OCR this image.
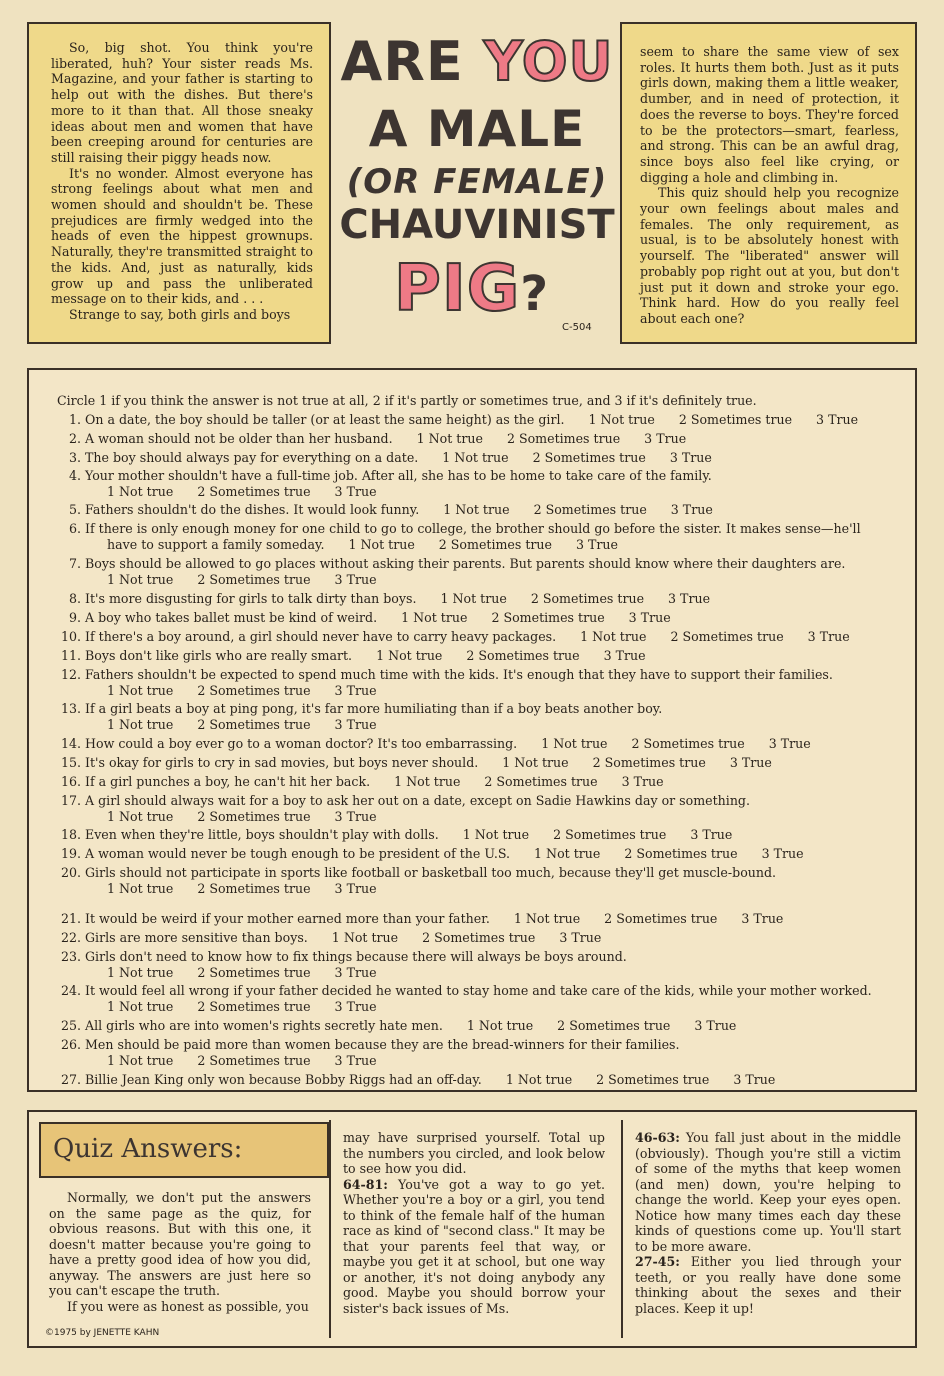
So, big shot. You think you're liberated, huh? Your sister reads Ms. Magazine, and your father is starting to help out with the dishes. But there's more to it than that. All those sneaky ideas about men and women that have been creeping around for centuries are still raising their piggy heads now.

It's no wonder. Almost everyone has strong feelings about what men and women should and shouldn't be. These prejudices are firmly wedged into the heads of even the hippest grownups. Naturally, they're transmitted straight to the kids. And, just as naturally, kids grow up and pass the unliberated message on to their kids, and . . .

Strange to say, both girls and boys

ARE YOU
A MALE
(OR FEMALE)
CHAUVINIST
PIG?
C-504

seem to share the same view of sex roles. It hurts them both. Just as it puts girls down, making them a little weaker, dumber, and in need of protection, it does the reverse to boys. They're forced to be the protectors—smart, fearless, and strong. This can be an awful drag, since boys also feel like crying, or digging a hole and climbing in.

This quiz should help you recognize your own feelings about males and females. The only requirement, as usual, is to be absolutely honest with yourself. The "liberated" answer will probably pop right out at you, but don't just put it down and stroke your ego. Think hard. How do you really feel about each one?

Circle 1 if you think the answer is not true at all, 2 if it's partly or sometimes true, and 3 if it's definitely true.
1. On a date, the boy should be taller (or at least the same height) as the girl. 1 Not true 2 Sometimes true 3 True
2. A woman should not be older than her husband. 1 Not true 2 Sometimes true 3 True
3. The boy should always pay for everything on a date. 1 Not true 2 Sometimes true 3 True
1 Not true 2 Sometimes true 3 True
4. Your mother shouldn't have a full-time job. After all, she has to be home to take care of the family.
5. Fathers shouldn't do the dishes. It would look funny. 1 Not true 2 Sometimes true 3 True
have to support a family someday. 1 Not true 2 Sometimes true 3 True
6. If there is only enough money for one child to go to college, the brother should go before the sister. It makes sense—he'll
1 Not true 2 Sometimes true 3 True
7. Boys should be allowed to go places without asking their parents. But parents should know where their daughters are.
8. It's more disgusting for girls to talk dirty than boys. 1 Not true 2 Sometimes true 3 True
9. A boy who takes ballet must be kind of weird. 1 Not true 2 Sometimes true 3 True
10. If there's a boy around, a girl should never have to carry heavy packages. 1 Not true 2 Sometimes true 3 True
11. Boys don't like girls who are really smart. 1 Not true 2 Sometimes true 3 True
1 Not true 2 Sometimes true 3 True
12. Fathers shouldn't be expected to spend much time with the kids. It's enough that they have to support their families.
1 Not true 2 Sometimes true 3 True
13. If a girl beats a boy at ping pong, it's far more humiliating than if a boy beats another boy.
14. How could a boy ever go to a woman doctor? It's too embarrassing. 1 Not true 2 Sometimes true 3 True
15. It's okay for girls to cry in sad movies, but boys never should. 1 Not true 2 Sometimes true 3 True
16. If a girl punches a boy, he can't hit her back. 1 Not true 2 Sometimes true 3 True
1 Not true 2 Sometimes true 3 True
17. A girl should always wait for a boy to ask her out on a date, except on Sadie Hawkins day or something.
18. Even when they're little, boys shouldn't play with dolls. 1 Not true 2 Sometimes true 3 True
19. A woman would never be tough enough to be president of the U.S. 1 Not true 2 Sometimes true 3 True
1 Not true 2 Sometimes true 3 True
20. Girls should not participate in sports like football or basketball too much, because they'll get muscle-bound.
21. It would be weird if your mother earned more than your father. 1 Not true 2 Sometimes true 3 True
22. Girls are more sensitive than boys. 1 Not true 2 Sometimes true 3 True
1 Not true 2 Sometimes true 3 True
23. Girls don't need to know how to fix things because there will always be boys around.
1 Not true 2 Sometimes true 3 True
24. It would feel all wrong if your father decided he wanted to stay home and take care of the kids, while your mother worked.
25. All girls who are into women's rights secretly hate men. 1 Not true 2 Sometimes true 3 True
1 Not true 2 Sometimes true 3 True
26. Men should be paid more than women because they are the bread-winners for their families.
27. Billie Jean King only won because Bobby Riggs had an off-day. 1 Not true 2 Sometimes true 3 True
Quiz Answers:
Normally, we don't put the answers on the same page as the quiz, for obvious reasons. But with this one, it doesn't matter because you're going to have a pretty good idea of how you did, anyway. The answers are just here so you can't escape the truth.
If you were as honest as possible, you
©1975 by JENETTE KAHN
may have surprised yourself. Total up the numbers you circled, and look below to see how you did.
64-81: You've got a way to go yet. Whether you're a boy or a girl, you tend to think of the female half of the human race as kind of "second class." It may be that your parents feel that way, or maybe you get it at school, but one way or another, it's not doing anybody any good. Maybe you should borrow your sister's back issues of Ms.
46-63: You fall just about in the middle (obviously). Though you're still a victim of some of the myths that keep women (and men) down, you're helping to change the world. Keep your eyes open. Notice how many times each day these kinds of questions come up. You'll start to be more aware.
27-45: Either you lied through your teeth, or you really have done some thinking about the sexes and their places. Keep it up!
